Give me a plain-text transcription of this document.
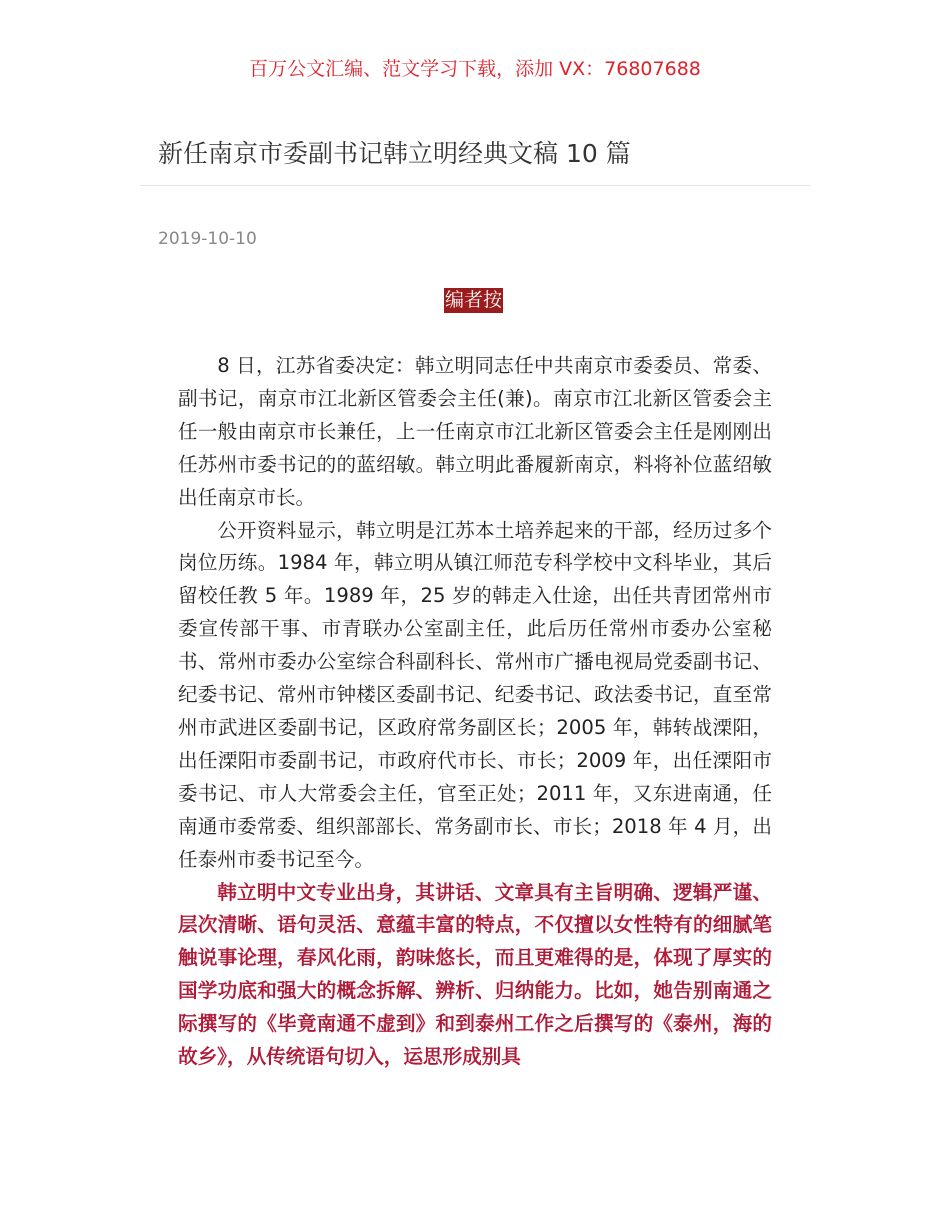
百万公文汇编、范文学习下载，添加 VX：76807688
新任南京市委副书记韩立明经典文稿 10 篇
2019-10-10
编者按

8 日，江苏省委决定：韩立明同志任中共南京市委委员、常委、副书记，南京市江北新区管委会主任(兼)。南京市江北新区管委会主任一般由南京市长兼任，上一任南京市江北新区管委会主任是刚刚出任苏州市委书记的的蓝绍敏。韩立明此番履新南京，料将补位蓝绍敏出任南京市长。

公开资料显示，韩立明是江苏本土培养起来的干部，经历过多个岗位历练。1984 年，韩立明从镇江师范专科学校中文科毕业，其后留校任教 5 年。1989 年，25 岁的韩走入仕途，出任共青团常州市委宣传部干事、市青联办公室副主任，此后历任常州市委办公室秘书、常州市委办公室综合科副科长、常州市广播电视局党委副书记、纪委书记、常州市钟楼区委副书记、纪委书记、政法委书记，直至常州市武进区委副书记，区政府常务副区长；2005 年，韩转战溧阳，出任溧阳市委副书记，市政府代市长、市长；2009 年，出任溧阳市委书记、市人大常委会主任，官至正处；2011 年，又东进南通，任南通市委常委、组织部部长、常务副市长、市长；2018 年 4 月，出任泰州市委书记至今。

韩立明中文专业出身，其讲话、文章具有主旨明确、逻辑严谨、层次清晰、语句灵活、意蕴丰富的特点，不仅擅以女性特有的细腻笔触说事论理，春风化雨，韵味悠长，而且更难得的是，体现了厚实的国学功底和强大的概念拆解、辨析、归纳能力。比如，她告别南通之际撰写的《毕竟南通不虚到》和到泰州工作之后撰写的《泰州，海的故乡》，从传统语句切入，运思形成别具
